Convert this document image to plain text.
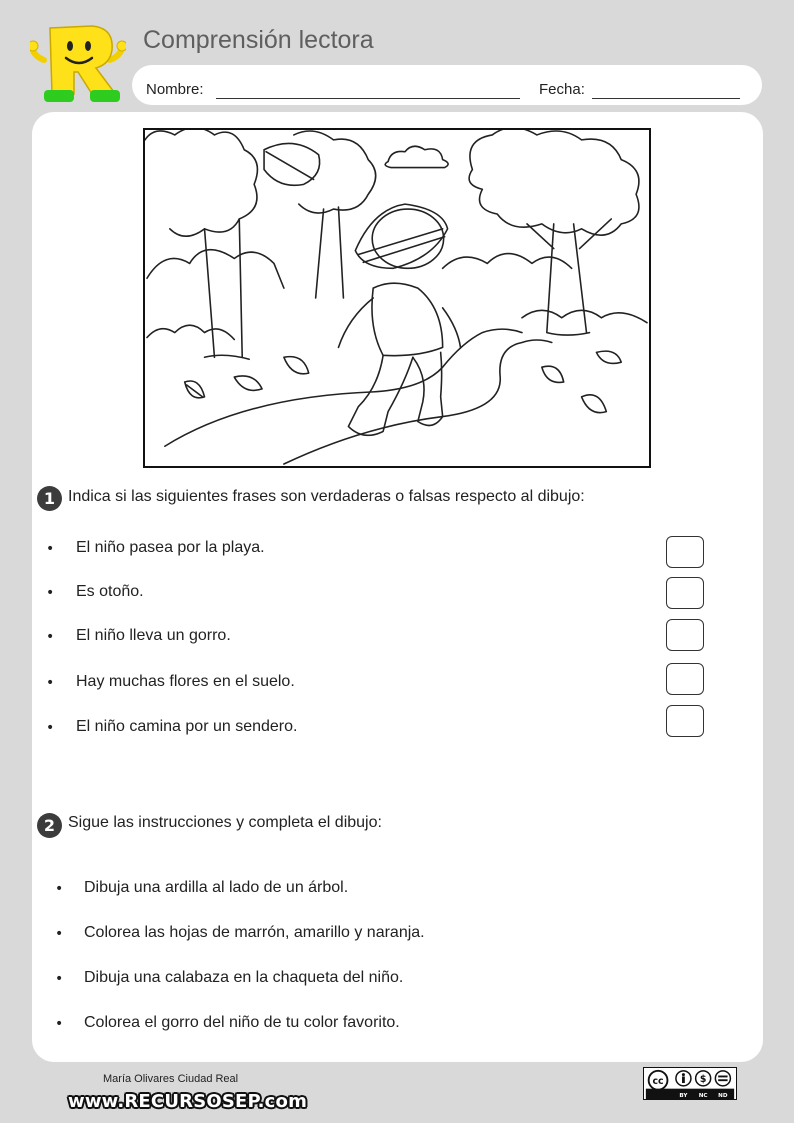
Comprensión lectora
Nombre:	Fecha:
1 Indica si las siguientes frases son verdaderas o falsas respecto al dibujo:
• El niño pasea por la playa.
• Es otoño.
• El niño lleva un gorro.
• Hay muchas flores en el suelo.
• El niño camina por un sendero.
2 Sigue las instrucciones y completa el dibujo:
• Dibuja una ardilla al lado de un árbol.
• Colorea las hojas de marrón, amarillo y naranja.
• Dibuja una calabaza en la chaqueta del niño.
• Colorea el gorro del niño de tu color favorito.
María Olivares Ciudad Real
www.RECURSOSEP.com
cc	$
BY NC ND
